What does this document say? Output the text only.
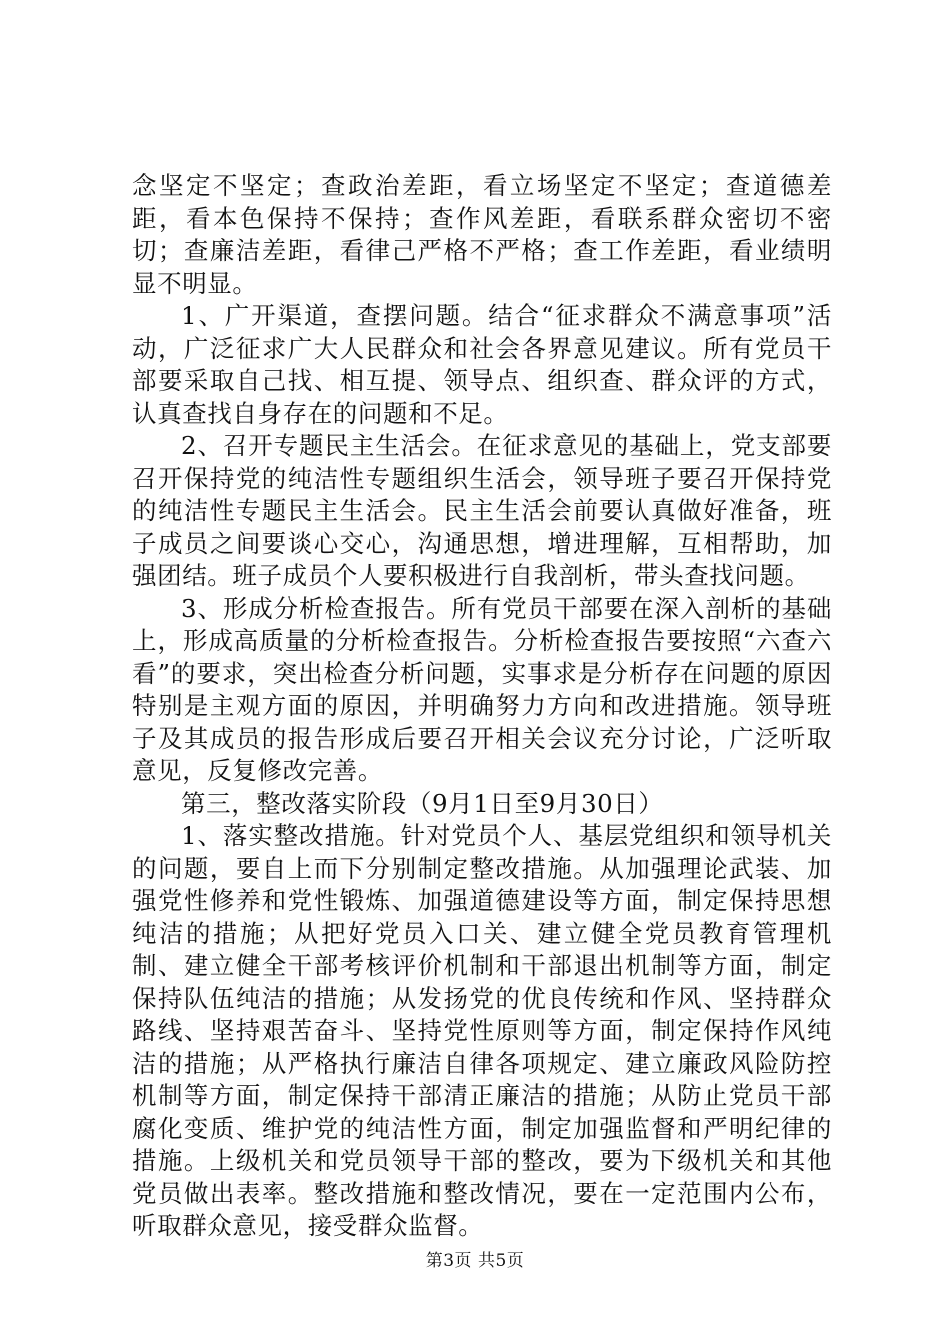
念坚定不坚定；查政治差距，看立场坚定不坚定；查道德差距，看本色保持不保持；查作风差距，看联系群众密切不密切；查廉洁差距，看律己严格不严格；查工作差距，看业绩明显不明显。

1、广开渠道，查摆问题。结合“征求群众不满意事项”活动，广泛征求广大人民群众和社会各界意见建议。所有党员干部要采取自己找、相互提、领导点、组织查、群众评的方式，认真查找自身存在的问题和不足。

2、召开专题民主生活会。在征求意见的基础上，党支部要召开保持党的纯洁性专题组织生活会，领导班子要召开保持党的纯洁性专题民主生活会。民主生活会前要认真做好准备，班子成员之间要谈心交心，沟通思想，增进理解，互相帮助，加强团结。班子成员个人要积极进行自我剖析，带头查找问题。

3、形成分析检查报告。所有党员干部要在深入剖析的基础上，形成高质量的分析检查报告。分析检查报告要按照“六查六看”的要求，突出检查分析问题，实事求是分析存在问题的原因特别是主观方面的原因，并明确努力方向和改进措施。领导班子及其成员的报告形成后要召开相关会议充分讨论，广泛听取意见，反复修改完善。

第三，整改落实阶段（9月1日至9月30日）

1、落实整改措施。针对党员个人、基层党组织和领导机关的问题，要自上而下分别制定整改措施。从加强理论武装、加强党性修养和党性锻炼、加强道德建设等方面，制定保持思想纯洁的措施；从把好党员入口关、建立健全党员教育管理机制、建立健全干部考核评价机制和干部退出机制等方面，制定保持队伍纯洁的措施；从发扬党的优良传统和作风、坚持群众路线、坚持艰苦奋斗、坚持党性原则等方面，制定保持作风纯洁的措施；从严格执行廉洁自律各项规定、建立廉政风险防控机制等方面，制定保持干部清正廉洁的措施；从防止党员干部腐化变质、维护党的纯洁性方面，制定加强监督和严明纪律的措施。上级机关和党员领导干部的整改，要为下级机关和其他党员做出表率。整改措施和整改情况，要在一定范围内公布，听取群众意见，接受群众监督。

第3页 共5页
